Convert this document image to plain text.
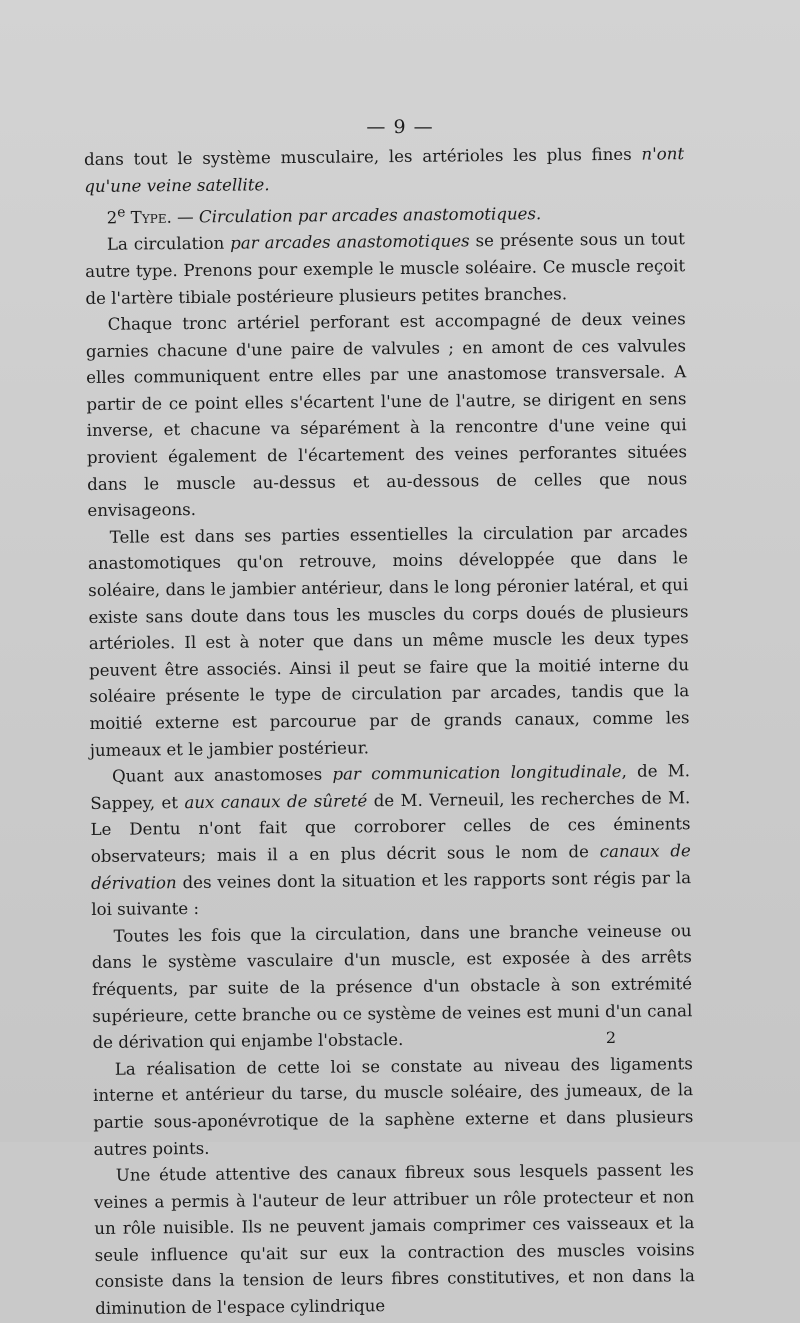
— 9 —

dans tout le système musculaire, les artérioles les plus fines n'ont qu'une veine satellite.

2e Type. — Circulation par arcades anastomotiques.

La circulation par arcades anastomotiques se présente sous un tout autre type. Prenons pour exemple le muscle soléaire. Ce muscle reçoit de l'artère tibiale postérieure plusieurs petites branches.

Chaque tronc artériel perforant est accompagné de deux veines garnies chacune d'une paire de valvules ; en amont de ces valvules elles communiquent entre elles par une anastomose transversale. A partir de ce point elles s'écartent l'une de l'autre, se dirigent en sens inverse, et chacune va séparément à la rencontre d'une veine qui provient également de l'écartement des veines perforantes situées dans le muscle au-dessus et au-dessous de celles que nous envisageons.

Telle est dans ses parties essentielles la circulation par arcades anastomotiques qu'on retrouve, moins développée que dans le soléaire, dans le jambier antérieur, dans le long péronier latéral, et qui existe sans doute dans tous les muscles du corps doués de plusieurs artérioles. Il est à noter que dans un même muscle les deux types peuvent être associés. Ainsi il peut se faire que la moitié interne du soléaire présente le type de circulation par arcades, tandis que la moitié externe est parcourue par de grands canaux, comme les jumeaux et le jambier postérieur.

Quant aux anastomoses par communication longitudinale, de M. Sappey, et aux canaux de sûreté de M. Verneuil, les recherches de M. Le Dentu n'ont fait que corroborer celles de ces éminents observateurs; mais il a en plus décrit sous le nom de canaux de dérivation des veines dont la situation et les rapports sont régis par la loi suivante :

Toutes les fois que la circulation, dans une branche veineuse ou dans le système vasculaire d'un muscle, est exposée à des arrêts fréquents, par suite de la présence d'un obstacle à son extrémité supérieure, cette branche ou ce système de veines est muni d'un canal de dérivation qui enjambe l'obstacle.

La réalisation de cette loi se constate au niveau des ligaments interne et antérieur du tarse, du muscle soléaire, des jumeaux, de la partie sous-aponévrotique de la saphène externe et dans plusieurs autres points.

Une étude attentive des canaux fibreux sous lesquels passent les veines a permis à l'auteur de leur attribuer un rôle protecteur et non un rôle nuisible. Ils ne peuvent jamais comprimer ces vaisseaux et la seule influence qu'ait sur eux la contraction des muscles voisins consiste dans la tension de leurs fibres constitutives, et non dans la diminution de l'espace cylindrique

2
